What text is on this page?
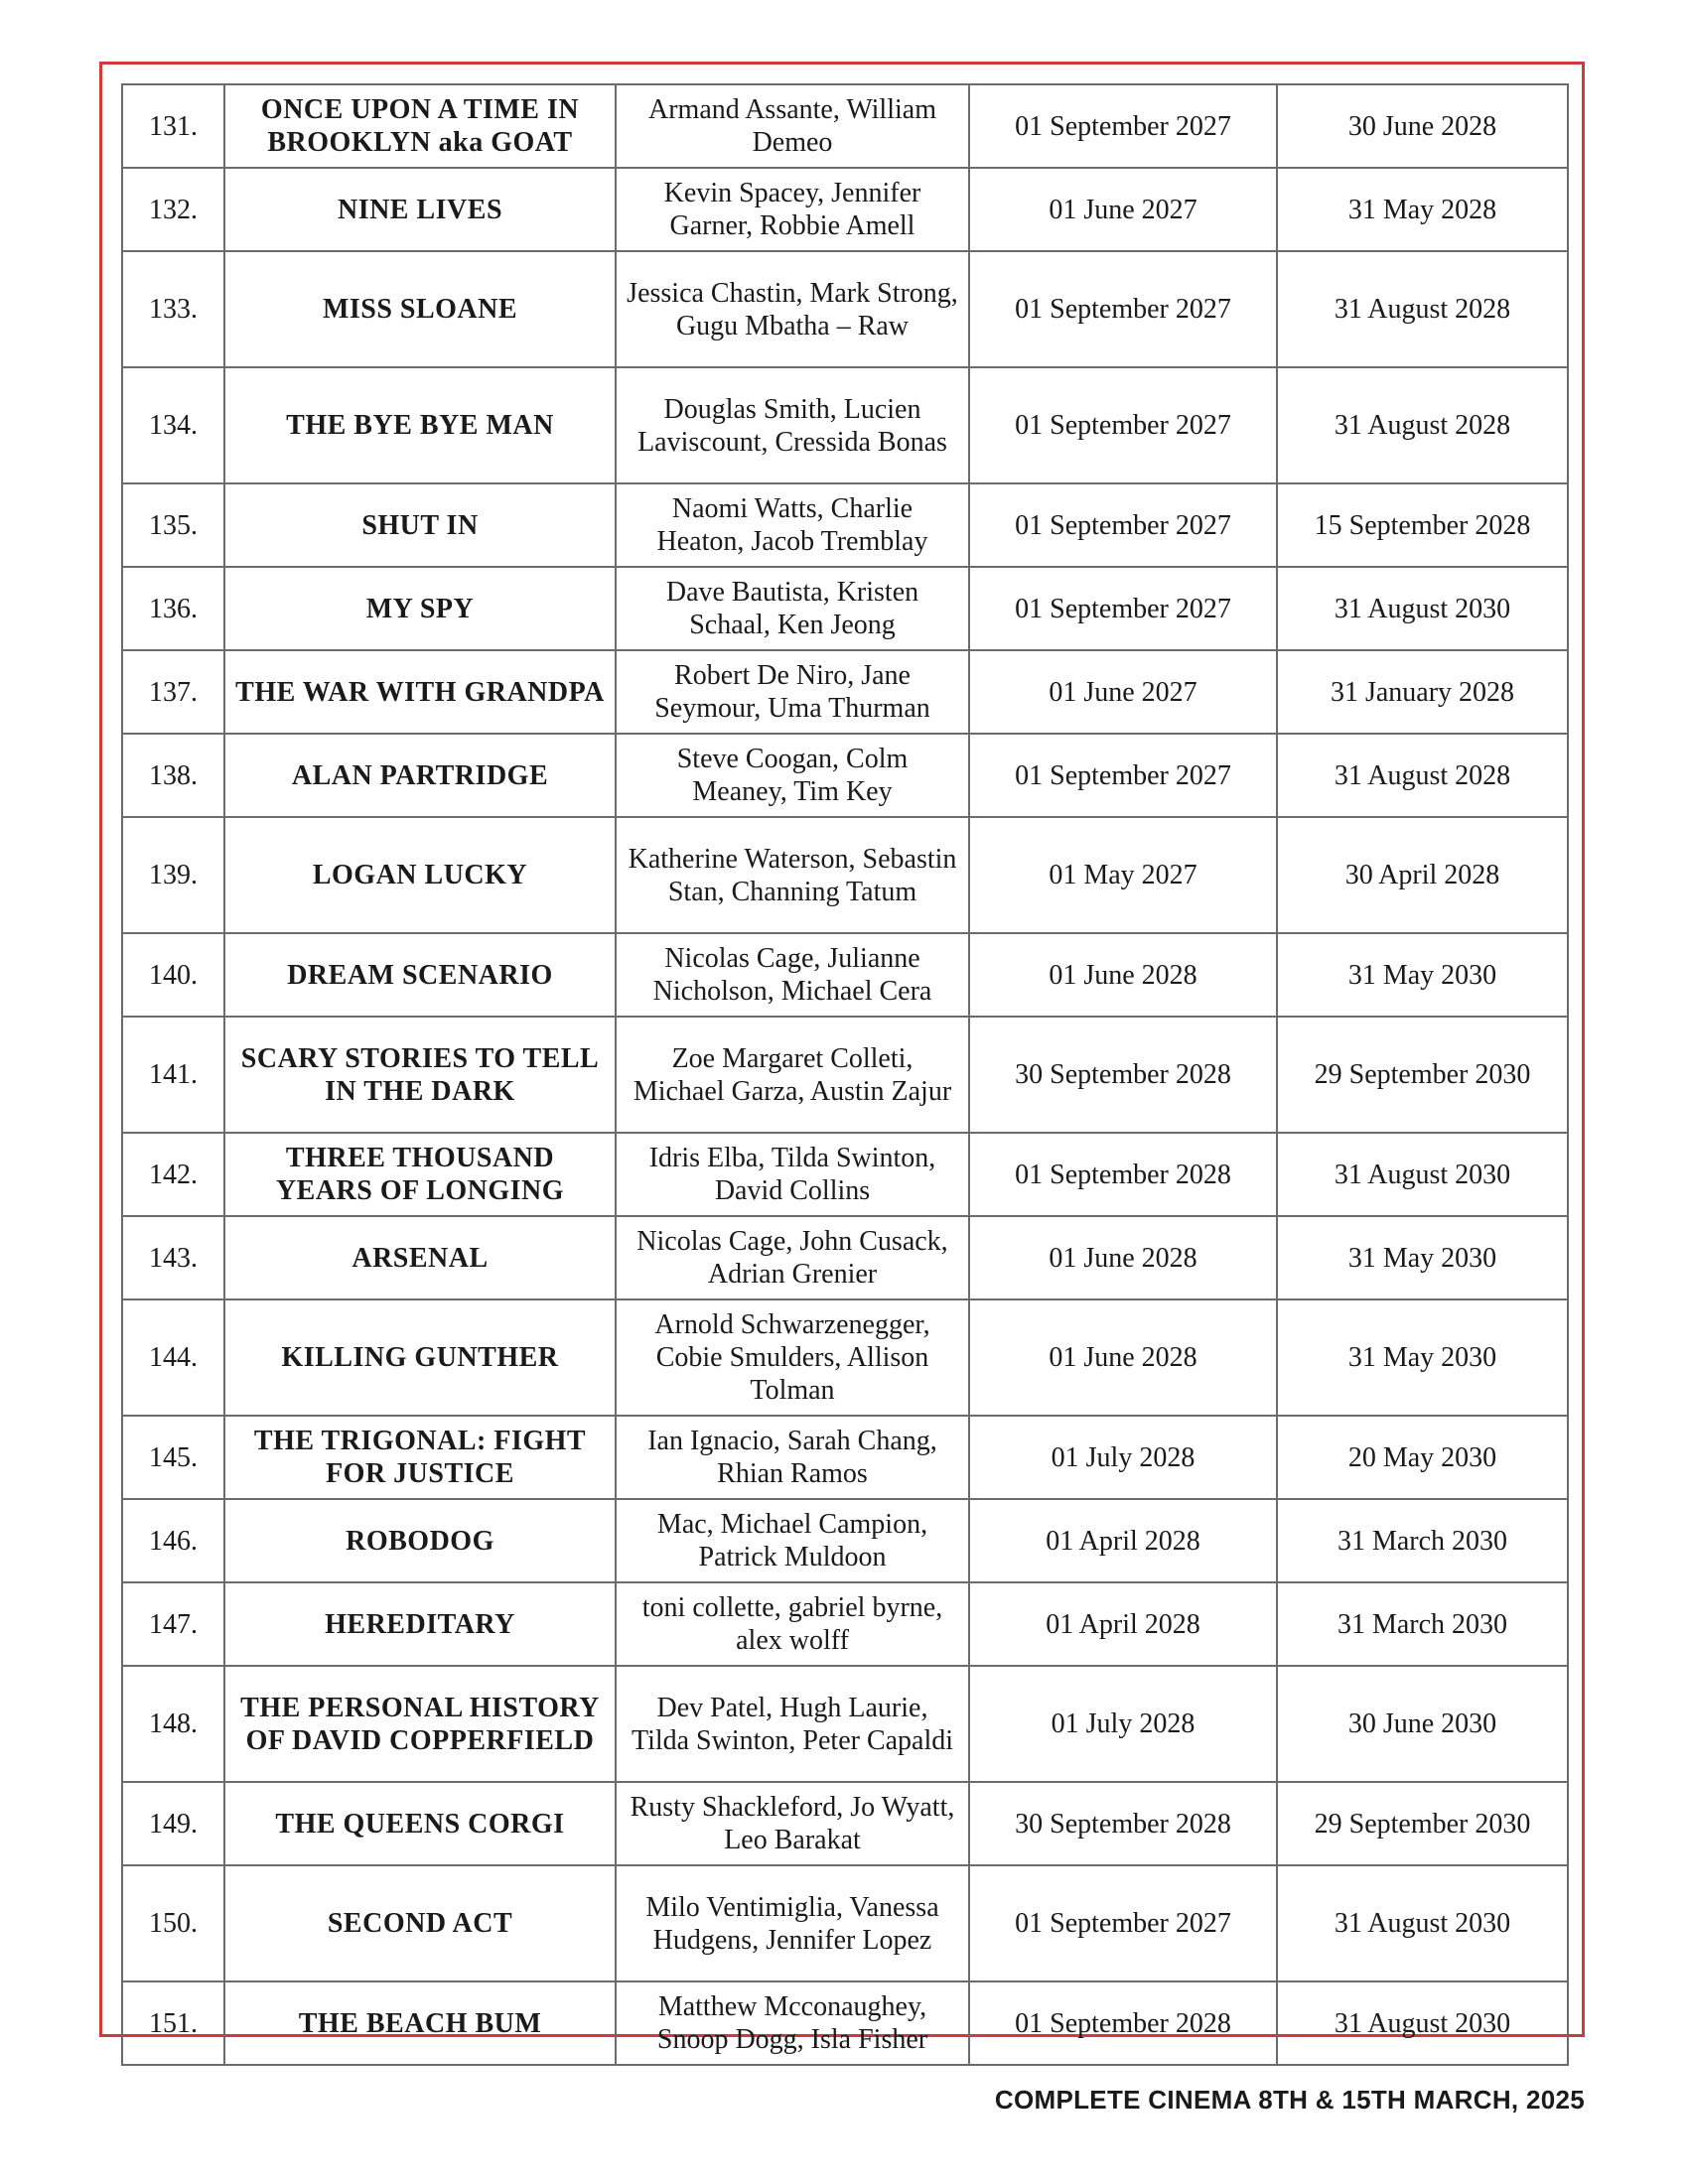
131.	ONCE UPON A TIME IN BROOKLYN aka GOAT	Armand Assante, William Demeo	01 September 2027	30 June 2028
132.	NINE LIVES	Kevin Spacey, Jennifer Garner, Robbie Amell	01 June 2027	31 May 2028
133.	MISS SLOANE	Jessica Chastin, Mark Strong, Gugu Mbatha – Raw	01 September 2027	31 August 2028
134.	THE BYE BYE MAN	Douglas Smith, Lucien Laviscount, Cressida Bonas	01 September 2027	31 August 2028
135.	SHUT IN	Naomi Watts, Charlie Heaton, Jacob Tremblay	01 September 2027	15 September 2028
136.	MY SPY	Dave Bautista, Kristen Schaal, Ken Jeong	01 September 2027	31 August 2030
137.	THE WAR WITH GRANDPA	Robert De Niro, Jane Seymour, Uma Thurman	01 June 2027	31 January 2028
138.	ALAN PARTRIDGE	Steve Coogan, Colm Meaney, Tim Key	01 September 2027	31 August 2028
139.	LOGAN LUCKY	Katherine Waterson, Sebastin Stan, Channing Tatum	01 May 2027	30 April 2028
140.	DREAM SCENARIO	Nicolas Cage, Julianne Nicholson, Michael Cera	01 June 2028	31 May 2030
141.	SCARY STORIES TO TELL IN THE DARK	Zoe Margaret Colleti, Michael Garza, Austin Zajur	30 September 2028	29 September 2030
142.	THREE THOUSAND YEARS OF LONGING	Idris Elba, Tilda Swinton, David Collins	01 September 2028	31 August 2030
143.	ARSENAL	Nicolas Cage, John Cusack, Adrian Grenier	01 June 2028	31 May 2030
144.	KILLING GUNTHER	Arnold Schwarzenegger, Cobie Smulders, Allison Tolman	01 June 2028	31 May 2030
145.	THE TRIGONAL: FIGHT FOR JUSTICE	Ian Ignacio, Sarah Chang, Rhian Ramos	01 July 2028	20 May 2030
146.	ROBODOG	Mac, Michael Campion, Patrick Muldoon	01 April 2028	31 March 2030
147.	HEREDITARY	toni collette, gabriel byrne, alex wolff	01 April 2028	31 March 2030
148.	THE PERSONAL HISTORY OF DAVID COPPERFIELD	Dev Patel, Hugh Laurie, Tilda Swinton, Peter Capaldi	01 July 2028	30 June 2030
149.	THE QUEENS CORGI	Rusty Shackleford, Jo Wyatt, Leo Barakat	30 September 2028	29 September 2030
150.	SECOND ACT	Milo Ventimiglia, Vanessa Hudgens, Jennifer Lopez	01 September 2027	31 August 2030
151.	THE BEACH BUM	Matthew Mcconaughey, Snoop Dogg, Isla Fisher	01 September 2028	31 August 2030
COMPLETE CINEMA 8TH & 15TH MARCH, 2025
